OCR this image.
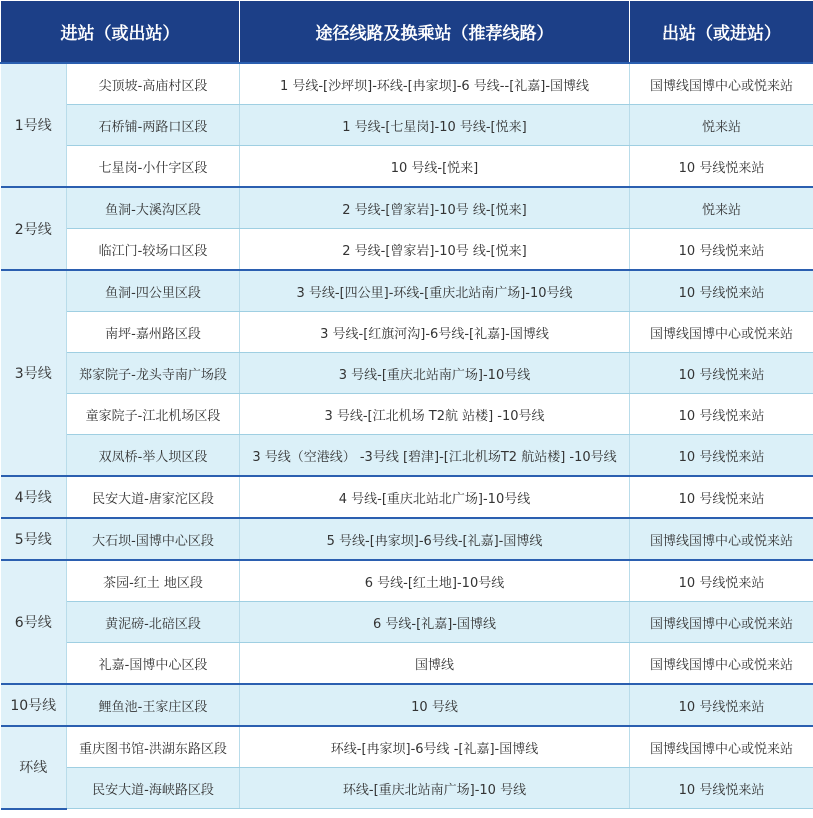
进站（或出站）		途径线路及换乘站（推荐线路）	出站（或进站）
1号线	尖顶坡-高庙村区段	1 号线-[沙坪坝]-环线-[冉家坝]-6 号线--[礼嘉]-国博线	国博线国博中心或悦来站
	石桥铺-两路口区段	1 号线-[七星岗]-10 号线-[悦来]	悦来站
	七星岗-小什字区段	10 号线-[悦来]	10 号线悦来站
2号线	鱼洞-大溪沟区段	2 号线-[曾家岩]-10号 线-[悦来]	悦来站
	临江门-较场口区段	2 号线-[曾家岩]-10号 线-[悦来]	10 号线悦来站
3号线	鱼洞-四公里区段	3 号线-[四公里]-环线-[重庆北站南广场]-10号线	10 号线悦来站
	南坪-嘉州路区段	3 号线-[红旗河沟]-6号线-[礼嘉]-国博线	国博线国博中心或悦来站
	郑家院子-龙头寺南广场段	3 号线-[重庆北站南广场]-10号线	10 号线悦来站
	童家院子-江北机场区段	3 号线-[江北机场 T2航 站楼] -10号线	10 号线悦来站
	双凤桥-举人坝区段	3 号线（空港线） -3号线 [碧津]-[江北机场T2 航站楼] -10号线	10 号线悦来站
4号线	民安大道-唐家沱区段	4 号线-[重庆北站北广场]-10号线	10 号线悦来站
5号线	大石坝-国博中心区段	5 号线-[冉家坝]-6号线-[礼嘉]-国博线	国博线国博中心或悦来站
6号线	茶园-红土 地区段	6 号线-[红土地]-10号线	10 号线悦来站
	黄泥磅-北碚区段	6 号线-[礼嘉]-国博线	国博线国博中心或悦来站
	礼嘉-国博中心区段	国博线	国博线国博中心或悦来站
10号线	鲤鱼池-王家庄区段	10 号线	10 号线悦来站
环线	重庆图书馆-洪湖东路区段	环线-[冉家坝]-6号线 -[礼嘉]-国博线	国博线国博中心或悦来站
	民安大道-海峡路区段	环线-[重庆北站南广场]-10 号线	10 号线悦来站
